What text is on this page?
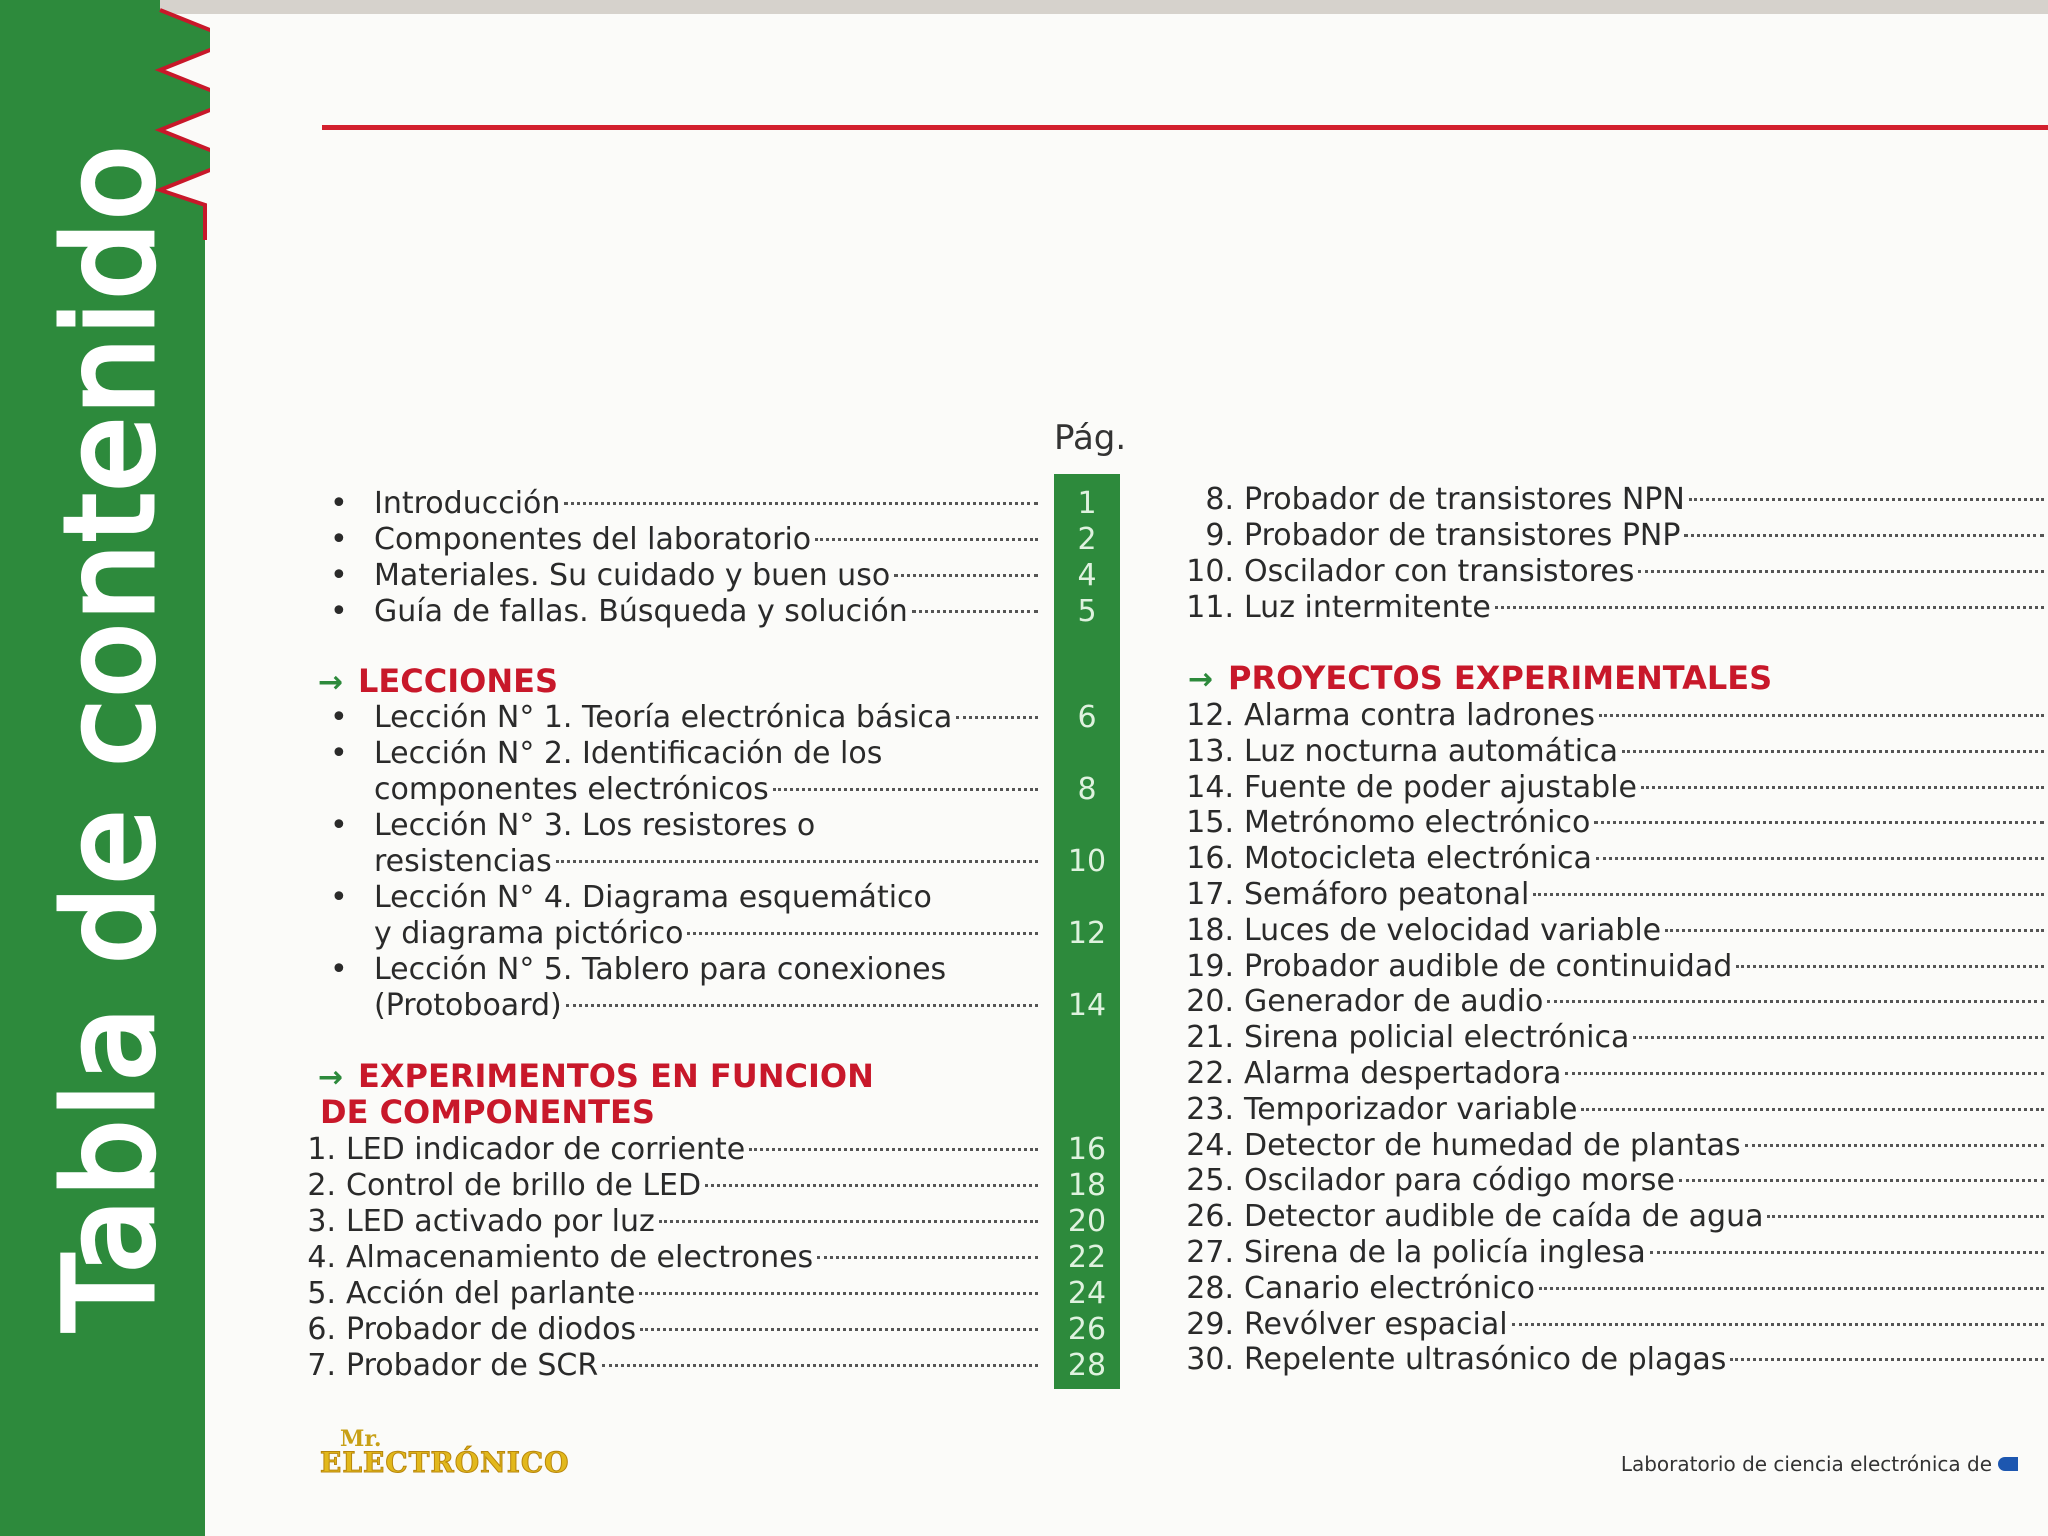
Tabla de contenido	Pág.
• Introducción	1
• Componentes del laboratorio	2
• Materiales. Su cuidado y buen uso	4
• Guía de fallas. Búsqueda y solución	5
→ LECCIONES
• Lección N° 1. Teoría electrónica básica	6
• Lección N° 2. Identificación de los
componentes electrónicos	8
• Lección N° 3. Los resistores o
resistencias	10
• Lección N° 4. Diagrama esquemático
y diagrama pictórico	12
• Lección N° 5. Tablero para conexiones
(Protoboard)	14
→ EXPERIMENTOS EN FUNCION
DE COMPONENTES
1. LED indicador de corriente	16
2. Control de brillo de LED	18
3. LED activado por luz	20
4. Almacenamiento de electrones	22
5. Acción del parlante	24
6. Probador de diodos	26
7. Probador de SCR	28
8. Probador de transistores NPN
9. Probador de transistores PNP
10. Oscilador con transistores
11. Luz intermitente
→ PROYECTOS EXPERIMENTALES
12. Alarma contra ladrones
13. Luz nocturna automática
14. Fuente de poder ajustable
15. Metrónomo electrónico
16. Motocicleta electrónica
17. Semáforo peatonal
18. Luces de velocidad variable
19. Probador audible de continuidad
20. Generador de audio
21. Sirena policial electrónica
22. Alarma despertadora
23. Temporizador variable
24. Detector de humedad de plantas
25. Oscilador para código morse
26. Detector audible de caída de agua
27. Sirena de la policía inglesa
28. Canario electrónico
29. Revólver espacial
30. Repelente ultrasónico de plagas
Mr.
ELECTRÓNICO	Laboratorio de ciencia electrónica de
